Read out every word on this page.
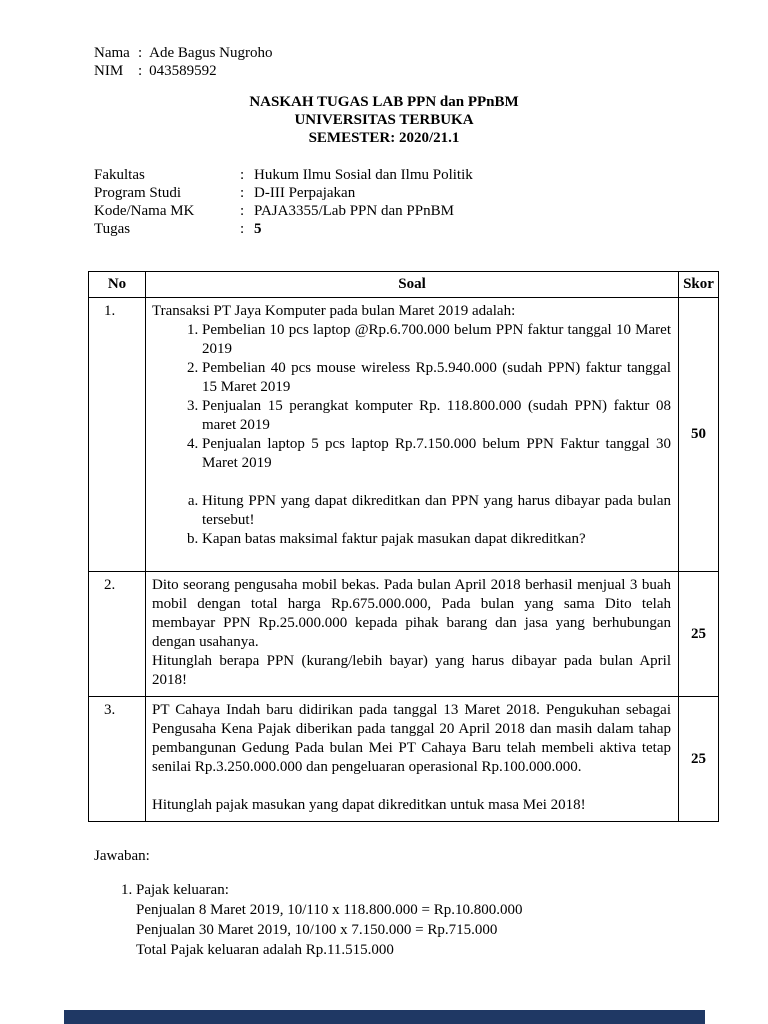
Nama : Ade Bagus Nugroho
NIM : 043589592
NASKAH TUGAS LAB PPN dan PPnBM
UNIVERSITAS TERBUKA
SEMESTER: 2020/21.1
Fakultas	: Hukum Ilmu Sosial dan Ilmu Politik
Program Studi	: D-III Perpajakan
Kode/Nama MK	: PAJA3355/Lab PPN dan PPnBM
Tugas	: 5
No	Soal	Skor
1.	Transaksi PT Jaya Komputer pada bulan Maret 2019 adalah:

1. Pembelian 10 pcs laptop @Rp.6.700.000 belum PPN faktur tanggal 10 Maret 2019
2. Pembelian 40 pcs mouse wireless Rp.5.940.000 (sudah PPN) faktur tanggal 15 Maret 2019
3. Penjualan 15 perangkat komputer Rp. 118.800.000 (sudah PPN) faktur 08 maret 2019
4. Penjualan laptop 5 pcs laptop Rp.7.150.000 belum PPN Faktur tanggal 30 Maret 2019
a. Hitung PPN yang dapat dikreditkan dan PPN yang harus dibayar pada bulan tersebut!
b. Kapan batas maksimal faktur pajak masukan dapat dikreditkan?
	50
2.	Dito seorang pengusaha mobil bekas. Pada bulan April 2018 berhasil menjual 3 buah mobil dengan total harga Rp.675.000.000, Pada bulan yang sama Dito telah membayar PPN Rp.25.000.000 kepada pihak barang dan jasa yang berhubungan dengan usahanya.

Hitunglah berapa PPN (kurang/lebih bayar) yang harus dibayar pada bulan April 2018!	25
3.	PT Cahaya Indah baru didirikan pada tanggal 13 Maret 2018. Pengukuhan sebagai Pengusaha Kena Pajak diberikan pada tanggal 20 April 2018 dan masih dalam tahap pembangunan Gedung Pada bulan Mei PT Cahaya Baru telah membeli aktiva tetap senilai Rp.3.250.000.000 dan pengeluaran operasional Rp.100.000.000.

Hitunglah pajak masukan yang dapat dikreditkan untuk masa Mei 2018!	25

Jawaban:

1. Pajak keluaran:

Penjualan 8 Maret 2019, 10/110 x 118.800.000 = Rp.10.800.000

Penjualan 30 Maret 2019, 10/100 x 7.150.000 = Rp.715.000

Total Pajak keluaran adalah Rp.11.515.000
